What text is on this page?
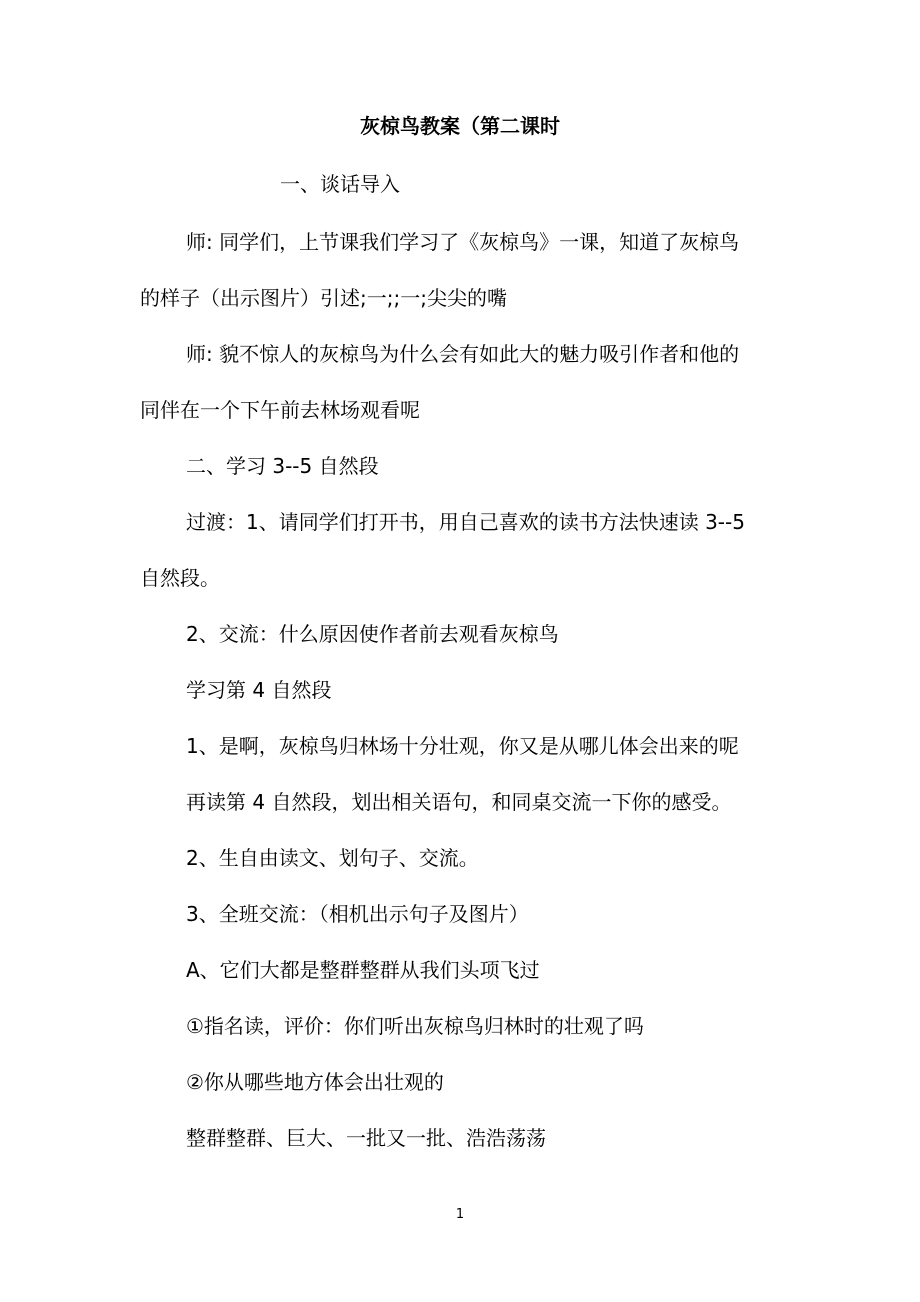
灰椋鸟教案（第二课时
一、谈话导入
师: 同学们，上节课我们学习了《灰椋鸟》一课，知道了灰椋鸟
的样子（出示图片）引述;一;;一;尖尖的嘴
师: 貌不惊人的灰椋鸟为什么会有如此大的魅力吸引作者和他的
同伴在一个下午前去林场观看呢
二、学习 3--5 自然段
过渡：1、请同学们打开书，用自己喜欢的读书方法快速读 3--5
自然段。
2、交流：什么原因使作者前去观看灰椋鸟
学习第 4 自然段
1、是啊，灰椋鸟归林场十分壮观，你又是从哪儿体会出来的呢
再读第 4 自然段，划出相关语句，和同桌交流一下你的感受。
2、生自由读文、划句子、交流。
3、全班交流：（相机出示句子及图片）
A、它们大都是整群整群从我们头项飞过
①指名读，评价：你们听出灰椋鸟归林时的壮观了吗
②你从哪些地方体会出壮观的
整群整群、巨大、一批又一批、浩浩荡荡
1
